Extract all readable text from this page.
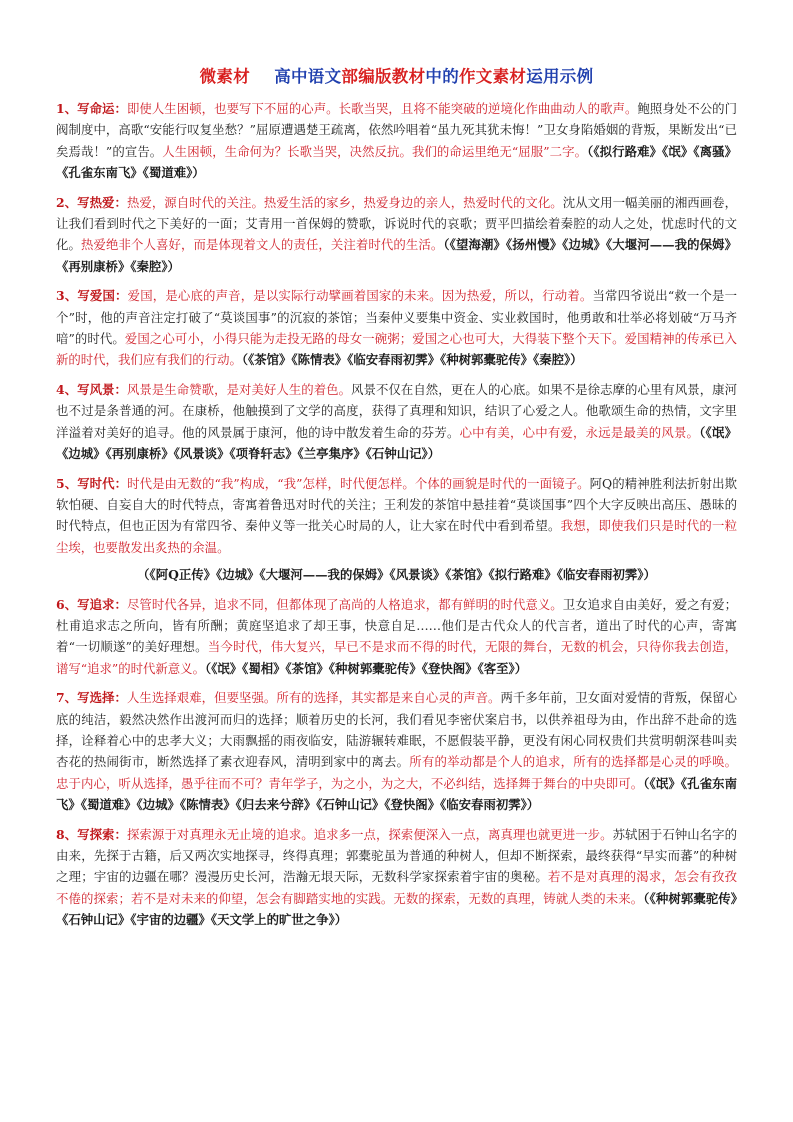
微素材 高中语文部编版教材中的作文素材运用示例

1、写命运：即使人生困顿，也要写下不屈的心声。长歌当哭，且将不能突破的逆境化作曲曲动人的歌声。鲍照身处不公的门阀制度中，高歌“安能行叹复坐愁？”屈原遭遇楚王疏离，依然吟唱着“虽九死其犹未悔！”卫女身陷婚姻的背叛，果断发出“已矣焉哉！”的宣告。人生困顿，生命何为？长歌当哭，决然反抗。我们的命运里绝无“屈服”二字。（《拟行路难》《氓》《离骚》《孔雀东南飞》《蜀道难》）

2、写热爱：热爱，源自时代的关注。热爱生活的家乡，热爱身边的亲人，热爱时代的文化。沈从文用一幅美丽的湘西画卷，让我们看到时代之下美好的一面；艾青用一首保姆的赞歌，诉说时代的哀歌；贾平凹描绘着秦腔的动人之处，忧虑时代的文化。热爱绝非个人喜好，而是体现着文人的责任，关注着时代的生活。（《望海潮》《扬州慢》《边城》《大堰河——我的保姆》《再别康桥》《秦腔》）

3、写爱国：爱国，是心底的声音，是以实际行动擘画着国家的未来。因为热爱，所以，行动着。当常四爷说出“救一个是一个”时，他的声音注定打破了“莫谈国事”的沉寂的茶馆；当秦仲义要集中资金、实业救国时，他勇敢和壮举必将划破“万马齐喑”的时代。爱国之心可小，小得只能为走投无路的母女一碗粥；爱国之心也可大，大得装下整个天下。爱国精神的传承已入新的时代，我们应有我们的行动。（《茶馆》《陈情表》《临安春雨初霁》《种树郭橐驼传》《秦腔》）

4、写风景：风景是生命赞歌，是对美好人生的着色。风景不仅在自然，更在人的心底。如果不是徐志摩的心里有风景，康河也不过是条普通的河。在康桥，他触摸到了文学的高度，获得了真理和知识，结识了心爱之人。他歌颂生命的热情，文字里洋溢着对美好的追寻。他的风景属于康河，他的诗中散发着生命的芬芳。心中有美，心中有爱，永远是最美的风景。（《氓》《边城》《再别康桥》《风景谈》《项脊轩志》《兰亭集序》《石钟山记》）

5、写时代：时代是由无数的“我”构成，“我”怎样，时代便怎样。个体的画貌是时代的一面镜子。阿Q的精神胜利法折射出欺软怕硬、自妄自大的时代特点，寄寓着鲁迅对时代的关注；王利发的茶馆中悬挂着“莫谈国事”四个大字反映出高压、愚昧的时代特点，但也正因为有常四爷、秦仲义等一批关心时局的人，让大家在时代中看到希望。我想，即使我们只是时代的一粒尘埃，也要散发出炙热的余温。
（《阿Q正传》《边城》《大堰河——我的保姆》《风景谈》《茶馆》《拟行路难》《临安春雨初霁》）

6、写追求：尽管时代各异，追求不同，但都体现了高尚的人格追求，都有鲜明的时代意义。卫女追求自由美好，爱之有爱；杜甫追求志之所向，皆有所酬；黄庭坚追求了却王事，快意自足……他们是古代众人的代言者，道出了时代的心声，寄寓着“一切顺遂”的美好理想。当今时代，伟大复兴，早已不是求而不得的时代，无限的舞台，无数的机会，只待你我去创造，谱写“追求”的时代新意义。（《氓》《蜀相》《茶馆》《种树郭橐驼传》《登快阁》《客至》）

7、写选择：人生选择艰难，但要坚强。所有的选择，其实都是来自心灵的声音。两千多年前，卫女面对爱情的背叛，保留心底的纯洁，毅然决然作出渡河而归的选择；顺着历史的长河，我们看见李密伏案启书，以供养祖母为由，作出辞不赴命的选择，诠释着心中的忠孝大义；大雨飘摇的雨夜临安，陆游辗转难眠，不愿假装平静，更没有闲心同权贵们共赏明朝深巷叫卖杏花的热闹街市，断然选择了素衣迎春风，清明到家中的离去。所有的举动都是个人的追求，所有的选择都是心灵的呼唤。忠于内心，听从选择，愚乎往而不可？青年学子，为之小，为之大，不必纠结，选择舞于舞台的中央即可。（《氓》《孔雀东南飞》《蜀道难》《边城》《陈情表》《归去来兮辞》《石钟山记》《登快阁》《临安春雨初霁》）

8、写探索：探索源于对真理永无止境的追求。追求多一点，探索便深入一点，离真理也就更进一步。苏轼困于石钟山名字的由来，先探于古籍，后又两次实地探寻，终得真理；郭橐驼虽为普通的种树人，但却不断探索，最终获得“早实而蕃”的种树之理；宇宙的边疆在哪？漫漫历史长河，浩瀚无垠天际，无数科学家探索着宇宙的奥秘。若不是对真理的渴求，怎会有孜孜不倦的探索；若不是对未来的仰望，怎会有脚踏实地的实践。无数的探索，无数的真理，铸就人类的未来。（《种树郭橐驼传》《石钟山记》《宇宙的边疆》《天文学上的旷世之争》）
